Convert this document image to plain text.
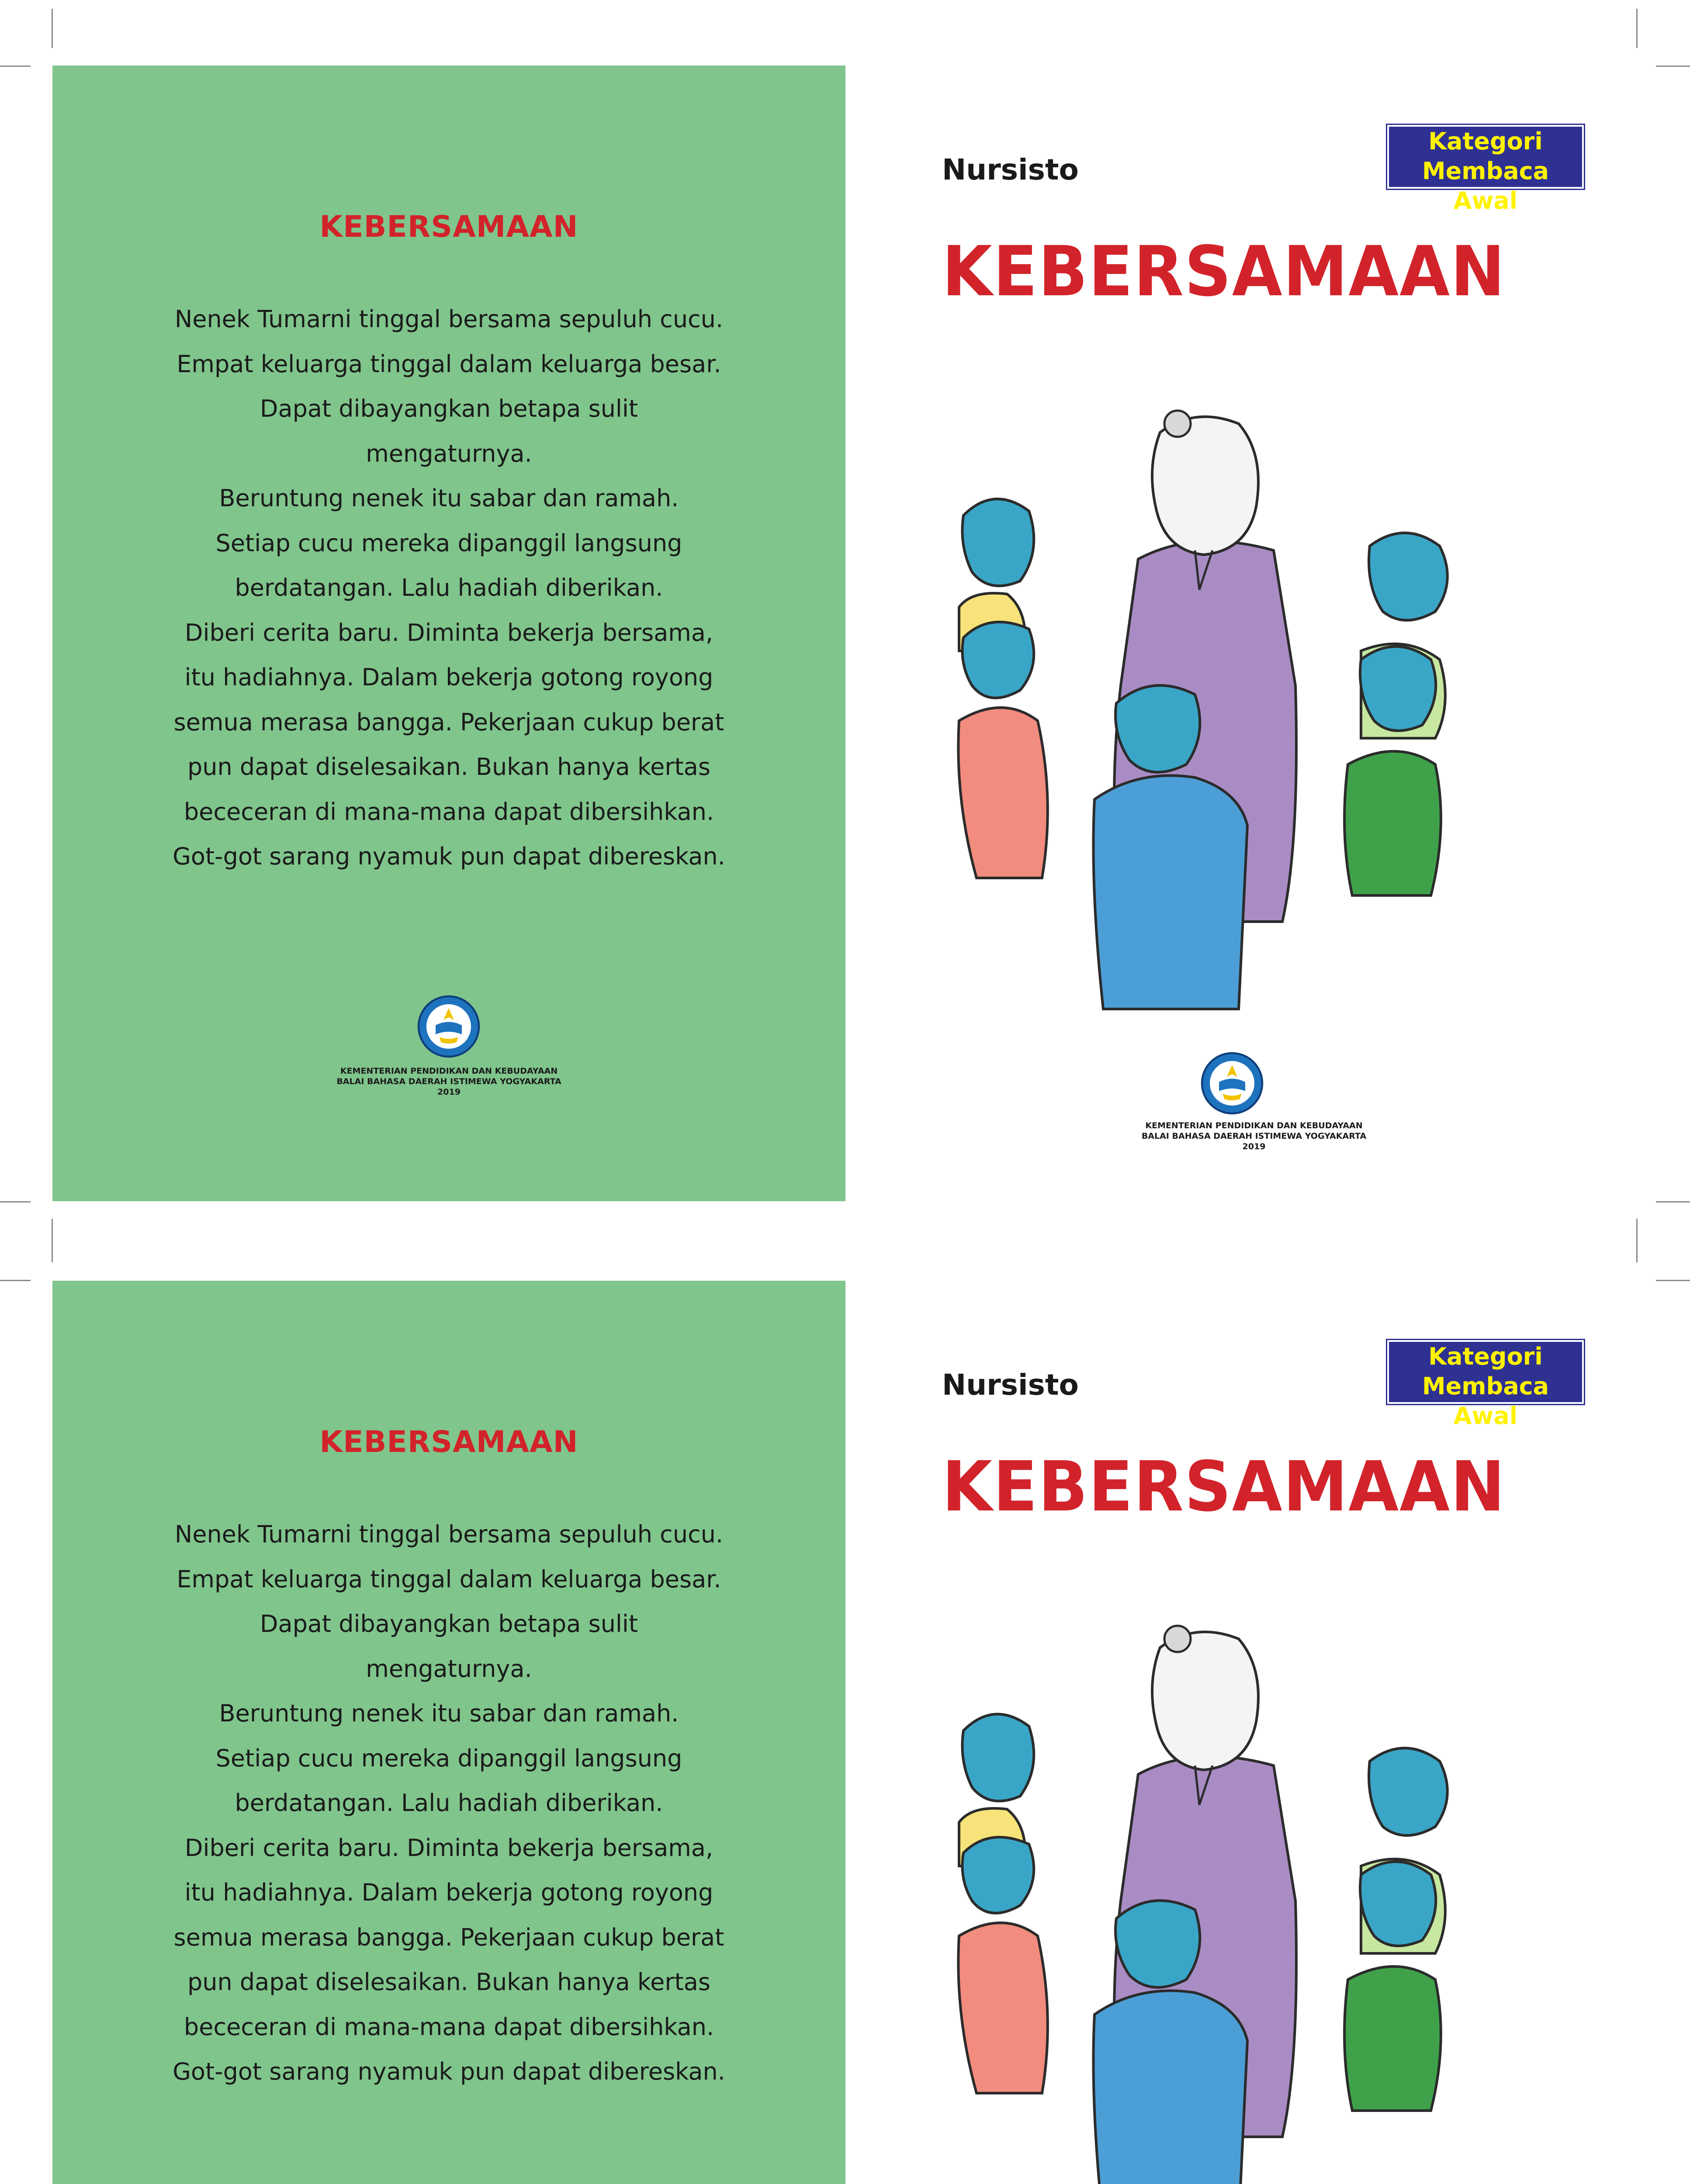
KEBERSAMAAN
Nenek Tumarni tinggal bersama sepuluh cucu.
Empat keluarga tinggal dalam keluarga besar.
Dapat dibayangkan betapa sulit
mengaturnya.
Beruntung nenek itu sabar dan ramah.
Setiap cucu mereka dipanggil langsung
berdatangan. Lalu hadiah diberikan.
Diberi cerita baru. Diminta bekerja bersama,
itu hadiahnya. Dalam bekerja gotong royong
semua merasa bangga. Pekerjaan cukup berat
pun dapat diselesaikan. Bukan hanya kertas
bececeran di mana-mana dapat dibersihkan.
Got-got sarang nyamuk pun dapat dibereskan.
KEMENTERIAN PENDIDIKAN DAN KEBUDAYAAN
BALAI BAHASA DAERAH ISTIMEWA YOGYAKARTA
2019
Nursisto
Kategori
Membaca Awal
KEBERSAMAAN
KEMENTERIAN PENDIDIKAN DAN KEBUDAYAAN
BALAI BAHASA DAERAH ISTIMEWA YOGYAKARTA
2019
KEBERSAMAAN
Nenek Tumarni tinggal bersama sepuluh cucu.
Empat keluarga tinggal dalam keluarga besar.
Dapat dibayangkan betapa sulit
mengaturnya.
Beruntung nenek itu sabar dan ramah.
Setiap cucu mereka dipanggil langsung
berdatangan. Lalu hadiah diberikan.
Diberi cerita baru. Diminta bekerja bersama,
itu hadiahnya. Dalam bekerja gotong royong
semua merasa bangga. Pekerjaan cukup berat
pun dapat diselesaikan. Bukan hanya kertas
bececeran di mana-mana dapat dibersihkan.
Got-got sarang nyamuk pun dapat dibereskan.
Nursisto
Kategori
Membaca Awal
KEBERSAMAAN
